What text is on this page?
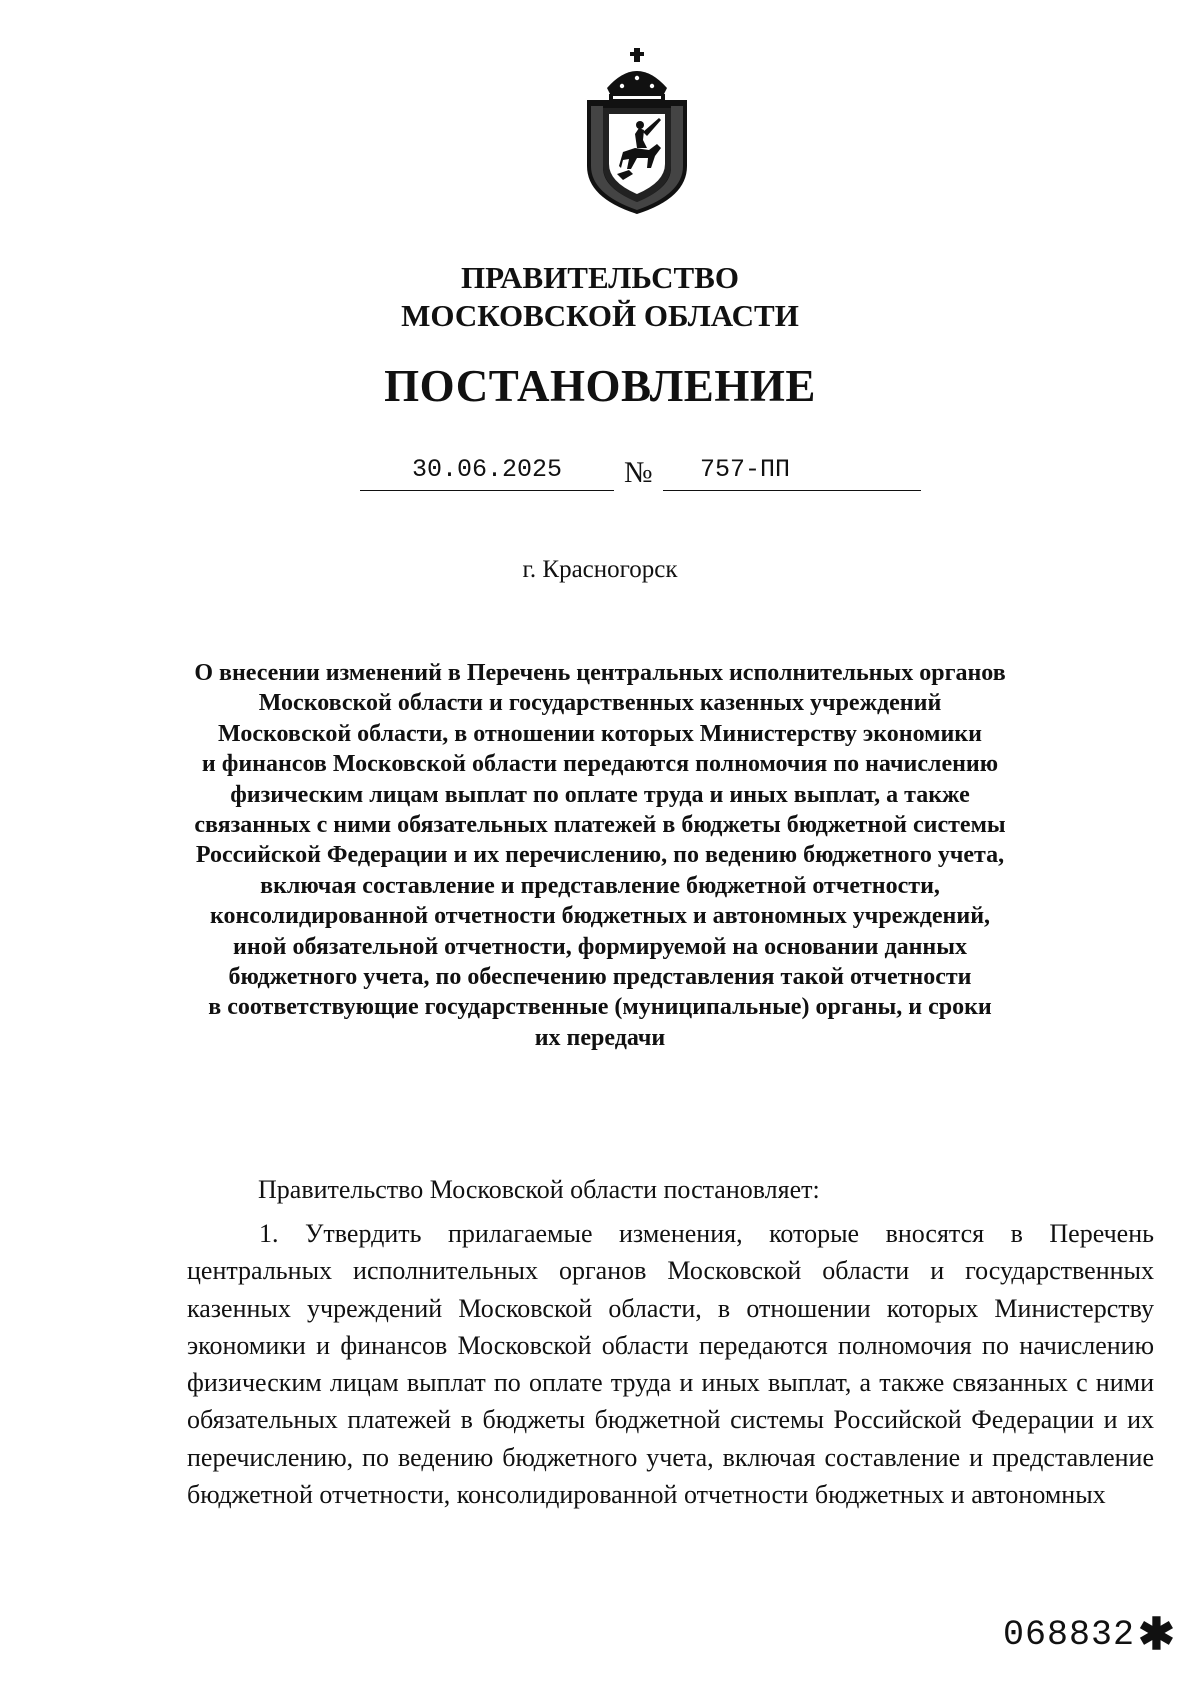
ПРАВИТЕЛЬСТВО
МОСКОВСКОЙ ОБЛАСТИ
ПОСТАНОВЛЕНИЕ
30.06.2025	№	757-ПП
г. Красногорск
О внесении изменений в Перечень центральных исполнительных органов
Московской области и государственных казенных учреждений
Московской области, в отношении которых Министерству экономики
и финансов Московской области передаются полномочия по начислению
физическим лицам выплат по оплате труда и иных выплат, а также
связанных с ними обязательных платежей в бюджеты бюджетной системы
Российской Федерации и их перечислению, по ведению бюджетного учета,
включая составление и представление бюджетной отчетности,
консолидированной отчетности бюджетных и автономных учреждений,
иной обязательной отчетности, формируемой на основании данных
бюджетного учета, по обеспечению представления такой отчетности
в соответствующие государственные (муниципальные) органы, и сроки
их передачи
Правительство Московской области постановляет:
1. Утвердить прилагаемые изменения, которые вносятся в Перечень центральных исполнительных органов Московской области и государственных казенных учреждений Московской области, в отношении которых Министерству экономики и финансов Московской области передаются полномочия по начислению физическим лицам выплат по оплате труда и иных выплат, а также связанных с ними обязательных платежей в бюджеты бюджетной системы Российской Федерации и их перечислению, по ведению бюджетного учета, включая составление и представление бюджетной отчетности, консолидированной отчетности бюджетных и автономных
068832 ✱
